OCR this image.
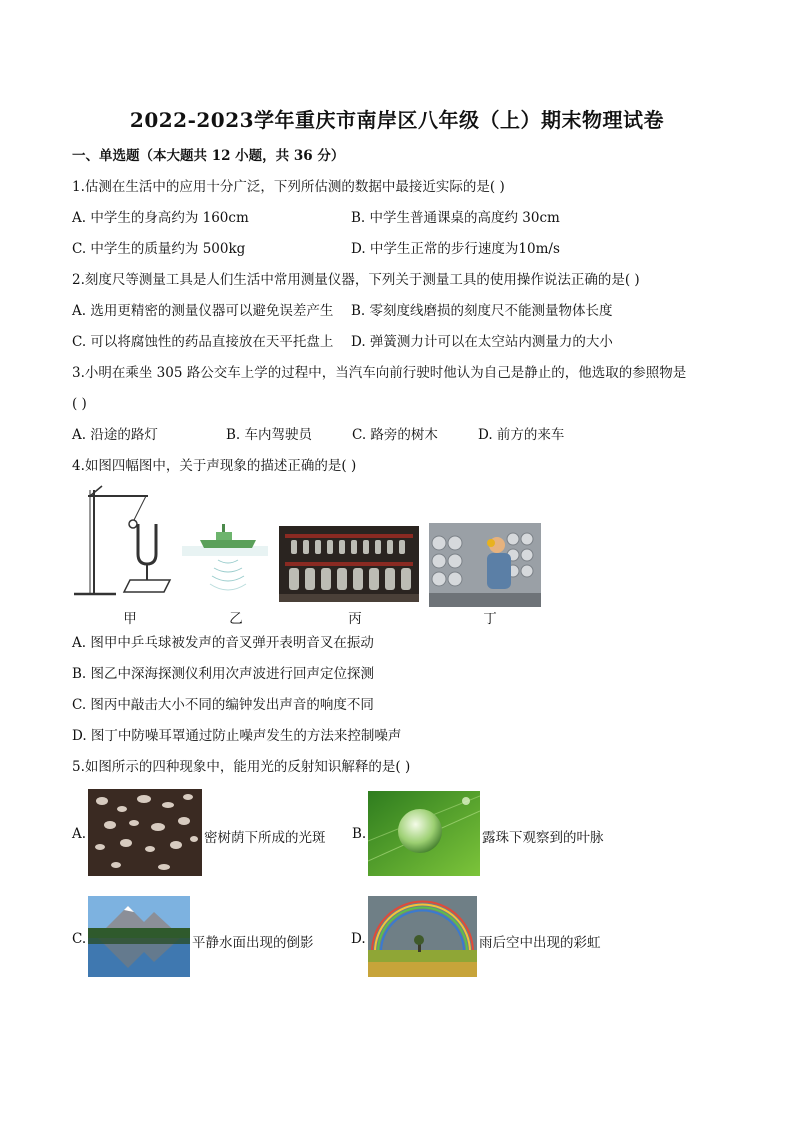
2022-2023学年重庆市南岸区八年级（上）期末物理试卷
一、单选题（本大题共 12 小题，共 36 分）
1.估测在生活中的应用十分广泛，下列所估测的数据中最接近实际的是( )
A. 中学生的身高约为 160cm	B. 中学生普通课桌的高度约 30cm
C. 中学生的质量约为 500kg	D. 中学生正常的步行速度为10m/s
2.刻度尺等测量工具是人们生活中常用测量仪器，下列关于测量工具的使用操作说法正确的是( )
A. 选用更精密的测量仪器可以避免误差产生 B. 零刻度线磨损的刻度尺不能测量物体长度
C. 可以将腐蚀性的药品直接放在天平托盘上 D. 弹簧测力计可以在太空站内测量力的大小
3.小明在乘坐 305 路公交车上学的过程中，当汽车向前行驶时他认为自己是静止的，他选取的参照物是
( )
A. 沿途的路灯	B. 车内驾驶员	C. 路旁的树木	D. 前方的来车
4.如图四幅图中，关于声现象的描述正确的是( )
甲	乙	丙	丁
A. 图甲中乒乓球被发声的音叉弹开表明音叉在振动
B. 图乙中深海探测仪利用次声波进行回声定位探测
C. 图丙中敲击大小不同的编钟发出声音的响度不同
D. 图丁中防噪耳罩通过防止噪声发生的方法来控制噪声
5.如图所示的四种现象中，能用光的反射知识解释的是( )
A.	密树荫下所成的光斑 B.	露珠下观察到的叶脉
C.	平静水面出现的倒影	D.	雨后空中出现的彩虹
